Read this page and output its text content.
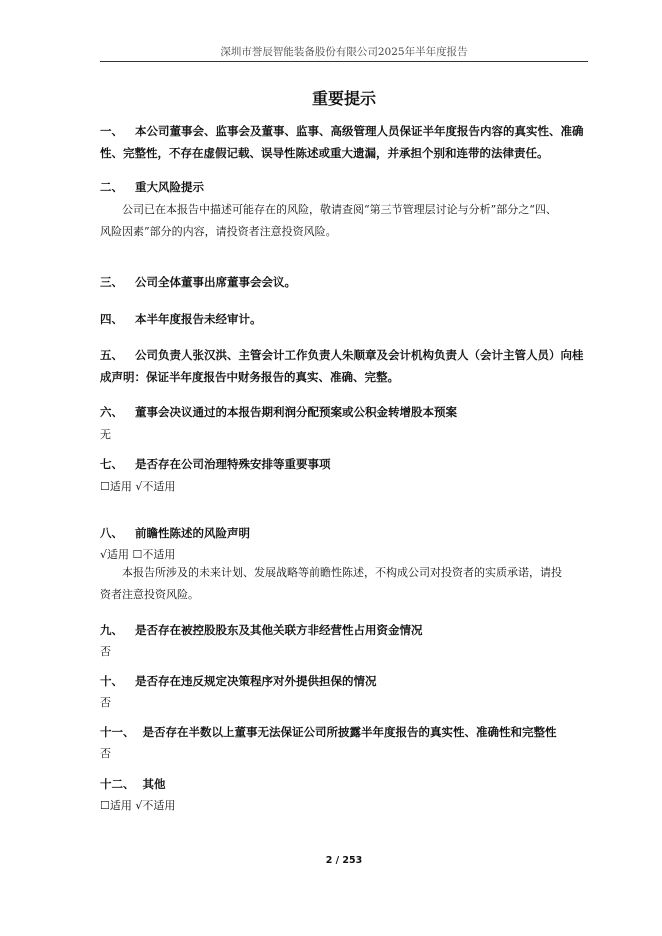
深圳市誉辰智能装备股份有限公司2025年半年度报告
重要提示
一、 本公司董事会、监事会及董事、监事、高级管理人员保证半年度报告内容的真实性、准确
性、完整性，不存在虚假记载、误导性陈述或重大遗漏，并承担个别和连带的法律责任。
二、 重大风险提示
公司已在本报告中描述可能存在的风险，敬请查阅“第三节管理层讨论与分析”部分之“四、
风险因素”部分的内容，请投资者注意投资风险。
三、 公司全体董事出席董事会会议。
四、 本半年度报告未经审计。
五、 公司负责人张汉洪、主管会计工作负责人朱顺章及会计机构负责人（会计主管人员）向桂
成声明：保证半年度报告中财务报告的真实、准确、完整。
六、 董事会决议通过的本报告期利润分配预案或公积金转增股本预案
无
七、 是否存在公司治理特殊安排等重要事项
☐适用 √不适用
八、 前瞻性陈述的风险声明
√适用 ☐不适用
本报告所涉及的未来计划、发展战略等前瞻性陈述，不构成公司对投资者的实质承诺，请投
资者注意投资风险。
九、 是否存在被控股股东及其他关联方非经营性占用资金情况
否
十、 是否存在违反规定决策程序对外提供担保的情况
否
十一、 是否存在半数以上董事无法保证公司所披露半年度报告的真实性、准确性和完整性
否
十二、 其他
☐适用 √不适用
2 / 253
